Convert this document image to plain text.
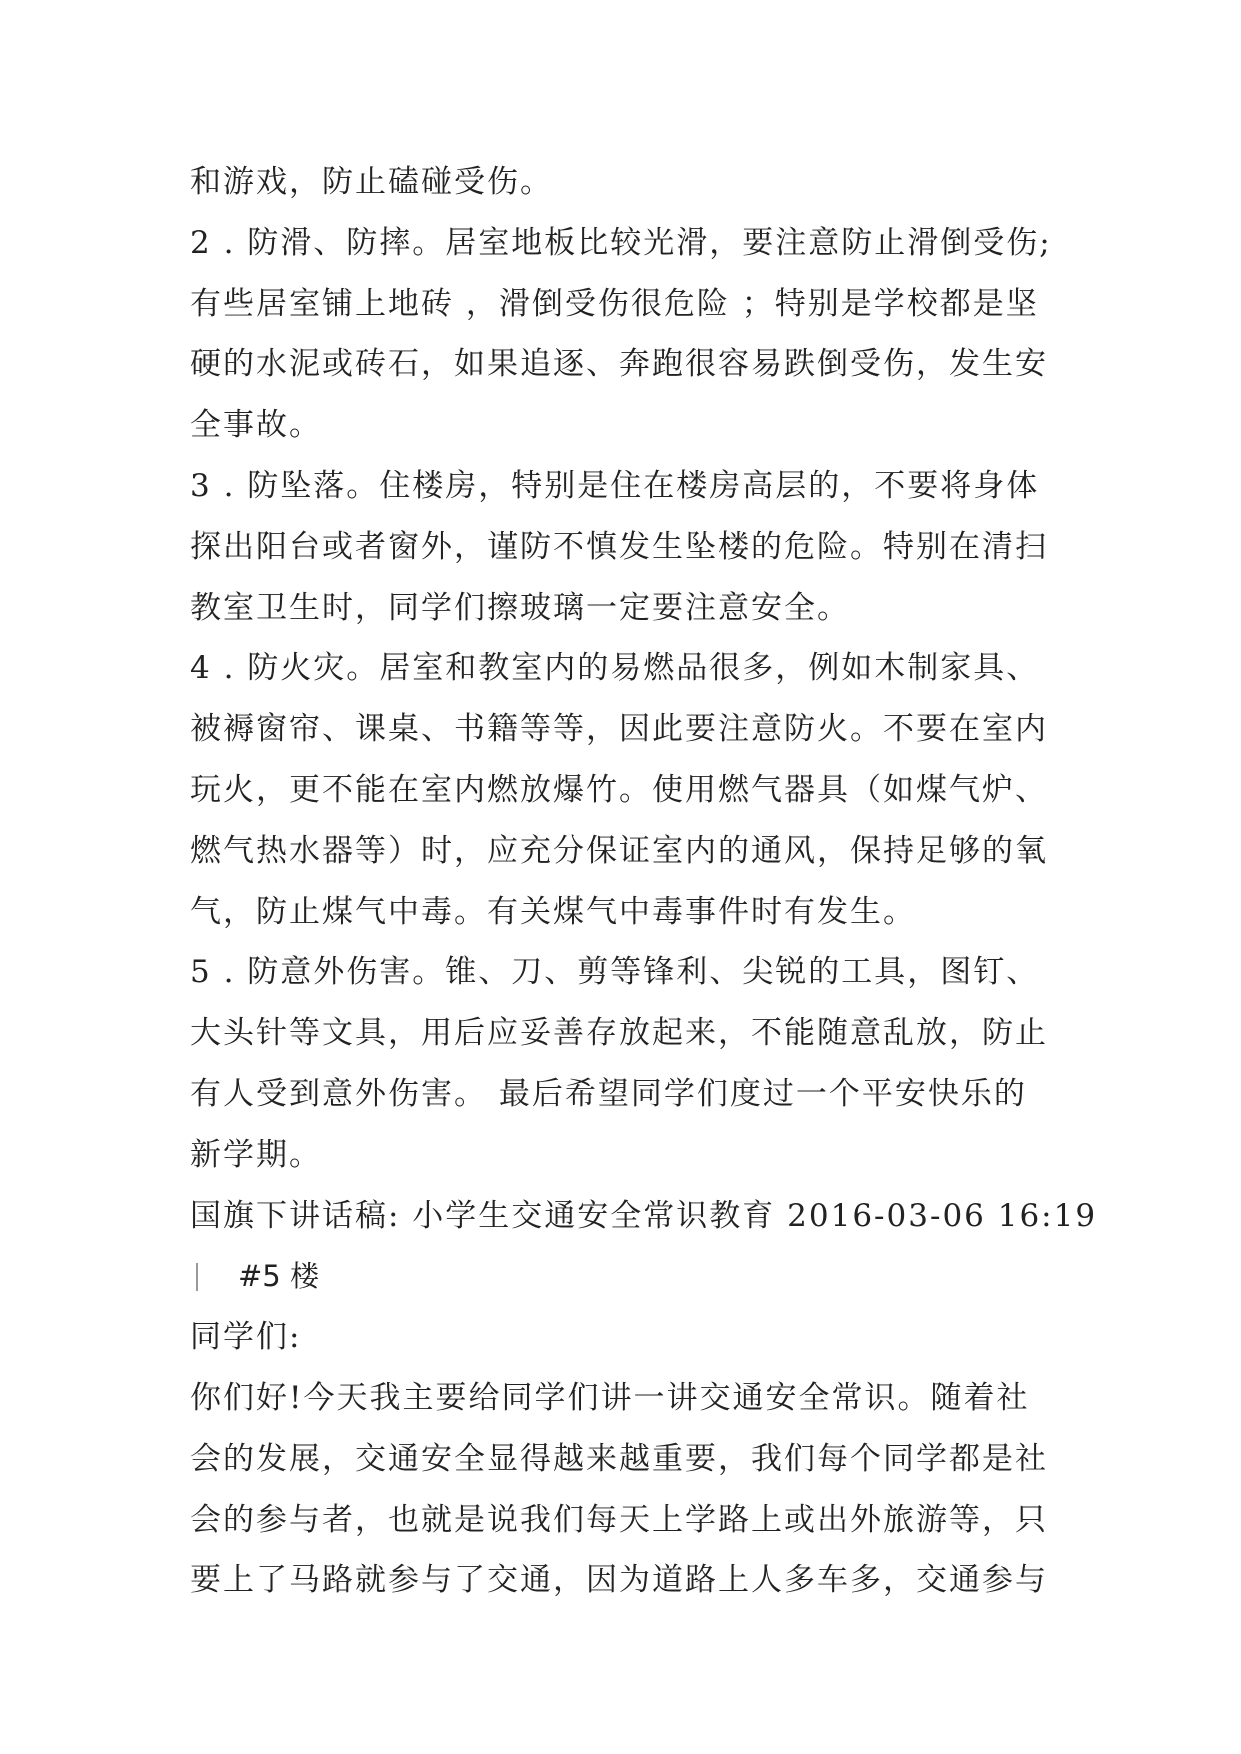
和游戏，防止磕碰受伤。
2 . 防滑、防摔。居室地板比较光滑，要注意防止滑倒受伤;
有些居室铺上地砖 ，滑倒受伤很危险 ；特别是学校都是坚
硬的水泥或砖石，如果追逐、奔跑很容易跌倒受伤，发生安
全事故。
3 . 防坠落。住楼房，特别是住在楼房高层的，不要将身体
探出阳台或者窗外，谨防不慎发生坠楼的危险。特别在清扫
教室卫生时，同学们擦玻璃一定要注意安全。
4 . 防火灾。居室和教室内的易燃品很多，例如木制家具、
被褥窗帘、课桌、书籍等等，因此要注意防火。不要在室内
玩火，更不能在室内燃放爆竹。使用燃气器具（如煤气炉、
燃气热水器等）时，应充分保证室内的通风，保持足够的氧
气，防止煤气中毒。有关煤气中毒事件时有发生。
5 . 防意外伤害。锥、刀、剪等锋利、尖锐的工具，图钉、
大头针等文具，用后应妥善存放起来，不能随意乱放，防止
有人受到意外伤害。 最后希望同学们度过一个平安快乐的
新学期。
国旗下讲话稿: 小学生交通安全常识教育 2016-03-06 16:19
#5 楼
同学们:
你们好!今天我主要给同学们讲一讲交通安全常识。随着社
会的发展，交通安全显得越来越重要，我们每个同学都是社
会的参与者，也就是说我们每天上学路上或出外旅游等，只
要上了马路就参与了交通，因为道路上人多车多，交通参与
